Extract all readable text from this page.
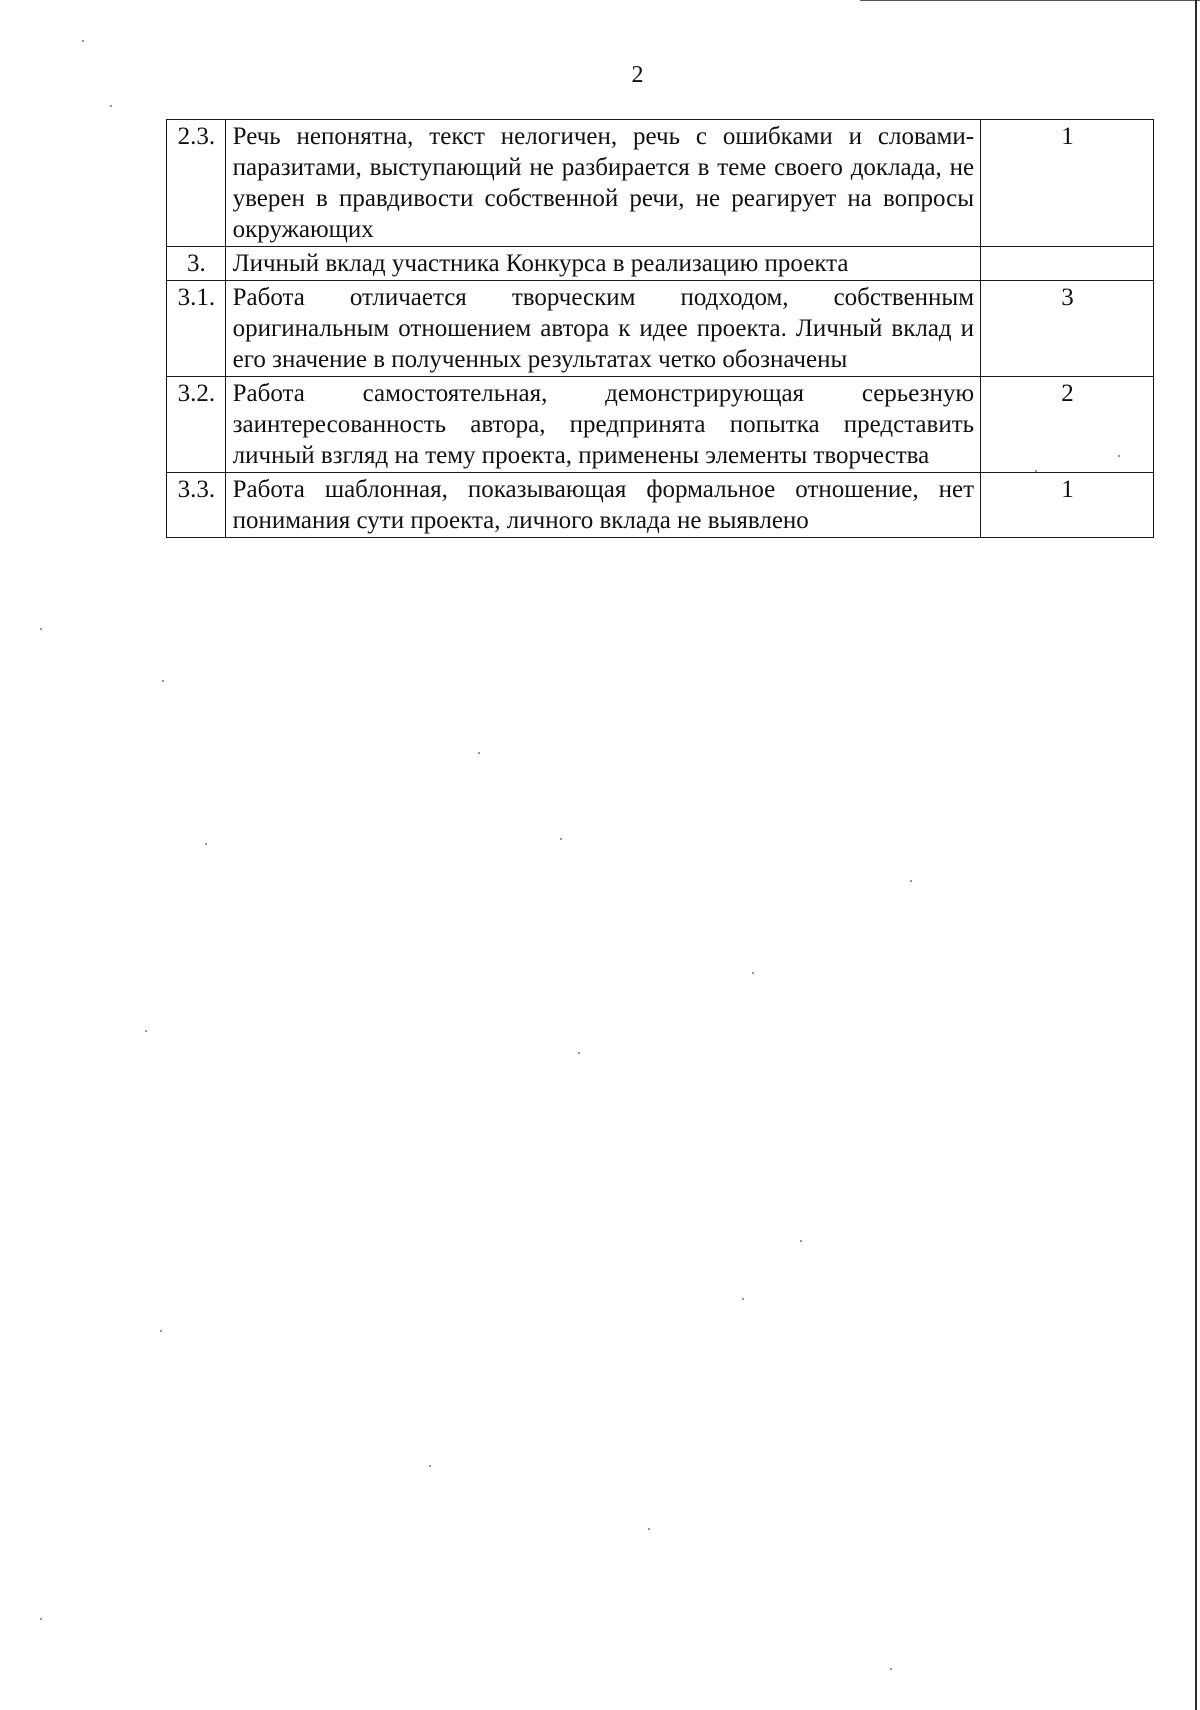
2
2.3.	Речь непонятна, текст нелогичен, речь с ошибками и словами-паразитами, выступающий не разбирается в теме своего доклада, не уверен в правдивости собственной речи, не реагирует на вопросы окружающих	1
3.	Личный вклад участника Конкурса в реализацию проекта	
3.1.	Работа отличается творческим подходом, собственным оригинальным отношением автора к идее проекта. Личный вклад и его значение в полученных результатах четко обозначены	3
3.2.	Работа самостоятельная, демонстрирующая серьезную заинтересованность автора, предпринята попытка представить личный взгляд на тему проекта, применены элементы творчества	2
3.3.	Работа шаблонная, показывающая формальное отношение, нет понимания сути проекта, личного вклада не выявлено	1
